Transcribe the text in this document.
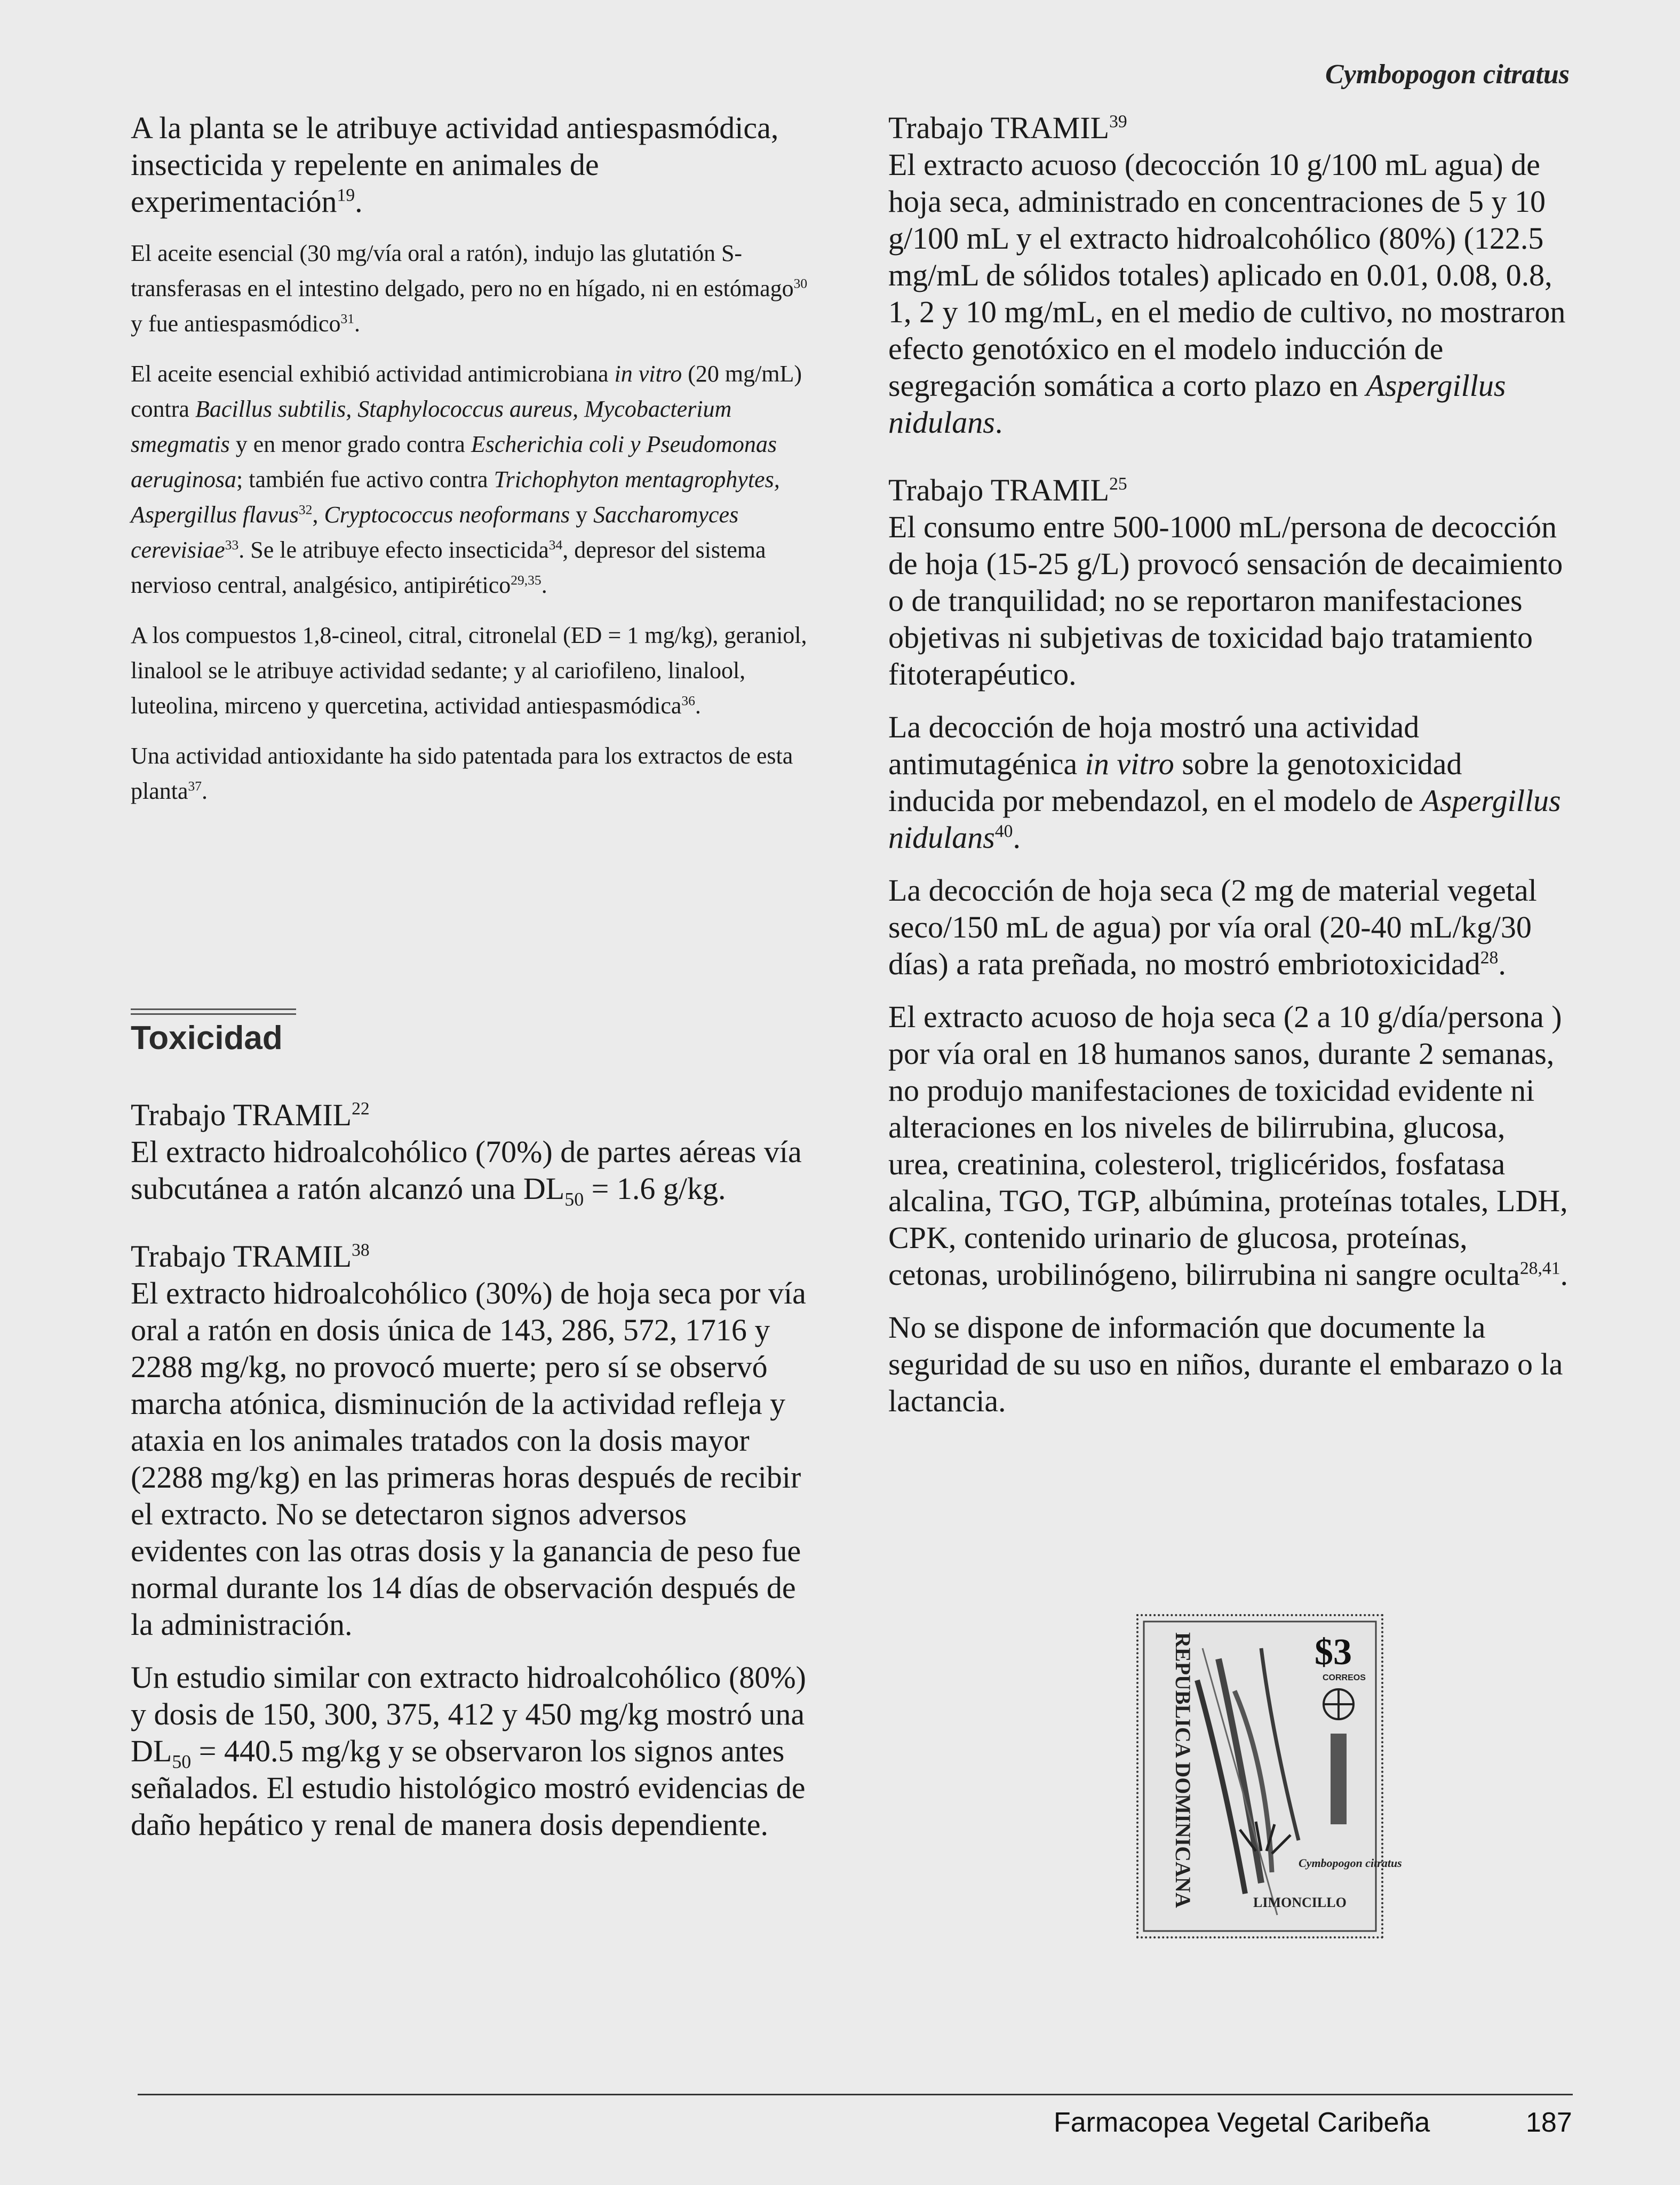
Cymbopogon citratus

A la planta se le atribuye actividad antiespasmódica, insecticida y repelente en animales de experimentación$^{19}$.

El aceite esencial (30 mg/vía oral a ratón), indujo las glutatión S-transferasas en el intestino delgado, pero no en hígado, ni en estómago$^{30}$ y fue antiespasmódico$^{31}$.

El aceite esencial exhibió actividad antimicrobiana in vitro (20 mg/mL) contra Bacillus subtilis, Staphylococcus aureus, Mycobacterium smegmatis y en menor grado contra Escherichia coli y Pseudomonas aeruginosa; también fue activo contra Trichophyton mentagrophytes, Aspergillus flavus$^{32}$, Cryptococcus neoformans y Saccharomyces cerevisiae$^{33}$. Se le atribuye efecto insecticida$^{34}$, depresor del sistema nervioso central, analgésico, antipirético$^{29,35}$.

A los compuestos 1,8-cineol, citral, citronelal (ED = 1 mg/kg), geraniol, linalool se le atribuye actividad sedante; y al cariofileno, linalool, luteolina, mirceno y quercetina, actividad antiespasmódica$^{36}$.

Una actividad antioxidante ha sido patentada para los extractos de esta planta$^{37}$.

Toxicidad

Trabajo TRAMIL$^{22}$

El extracto hidroalcohólico (70%) de partes aéreas vía subcutánea a ratón alcanzó una $DL_{50} = 1.6$ g/kg.

Trabajo TRAMIL$^{38}$

El extracto hidroalcohólico (30%) de hoja seca por vía oral a ratón en dosis única de 143, 286, 572, 1716 y 2288 mg/kg, no provocó muerte; pero sí se observó marcha atónica, disminución de la actividad refleja y ataxia en los animales tratados con la dosis mayor (2288 mg/kg) en las primeras horas después de recibir el extracto. No se detectaron signos adversos evidentes con las otras dosis y la ganancia de peso fue normal durante los 14 días de observación después de la administración.

Un estudio similar con extracto hidroalcohólico (80%) y dosis de 150, 300, 375, 412 y 450 mg/kg mostró una $DL_{50} = 440.5$ mg/kg y se observaron los signos antes señalados. El estudio histológico mostró evidencias de daño hepático y renal de manera dosis dependiente.

Trabajo TRAMIL$^{39}$

El extracto acuoso (decocción 10 g/100 mL agua) de hoja seca, administrado en concentraciones de 5 y 10 g/100 mL y el extracto hidroalcohólico (80%) (122.5 mg/mL de sólidos totales) aplicado en 0.01, 0.08, 0.8, 1, 2 y 10 mg/mL, en el medio de cultivo, no mostraron efecto genotóxico en el modelo inducción de segregación somática a corto plazo en Aspergillus nidulans.

Trabajo TRAMIL$^{25}$

El consumo entre 500-1000 mL/persona de decocción de hoja (15-25 g/L) provocó sensación de decaimiento o de tranquilidad; no se reportaron manifestaciones objetivas ni subjetivas de toxicidad bajo tratamiento fitoterapéutico.

La decocción de hoja mostró una actividad antimutagénica in vitro sobre la genotoxicidad inducida por mebendazol, en el modelo de Aspergillus nidulans$^{40}$.

La decocción de hoja seca (2 mg de material vegetal seco/150 mL de agua) por vía oral (20-40 mL/kg/30 días) a rata preñada, no mostró embriotoxicidad$^{28}$.

El extracto acuoso de hoja seca (2 a 10 g/día/persona ) por vía oral en 18 humanos sanos, durante 2 semanas, no produjo manifestaciones de toxicidad evidente ni alteraciones en los niveles de bilirrubina, glucosa, urea, creatinina, colesterol, triglicéridos, fosfatasa alcalina, TGO, TGP, albúmina, proteínas totales, LDH, CPK, contenido urinario de glucosa, proteínas, cetonas, urobilinógeno, bilirrubina ni sangre oculta$^{28,41}$.

No se dispone de información que documente la seguridad de su uso en niños, durante el embarazo o la lactancia.

REPUBLICA DOMINICANA	$3
CORREOS
Cymbopogon citratus
LIMONCILLO
Farmacopea Vegetal Caribeña	187
